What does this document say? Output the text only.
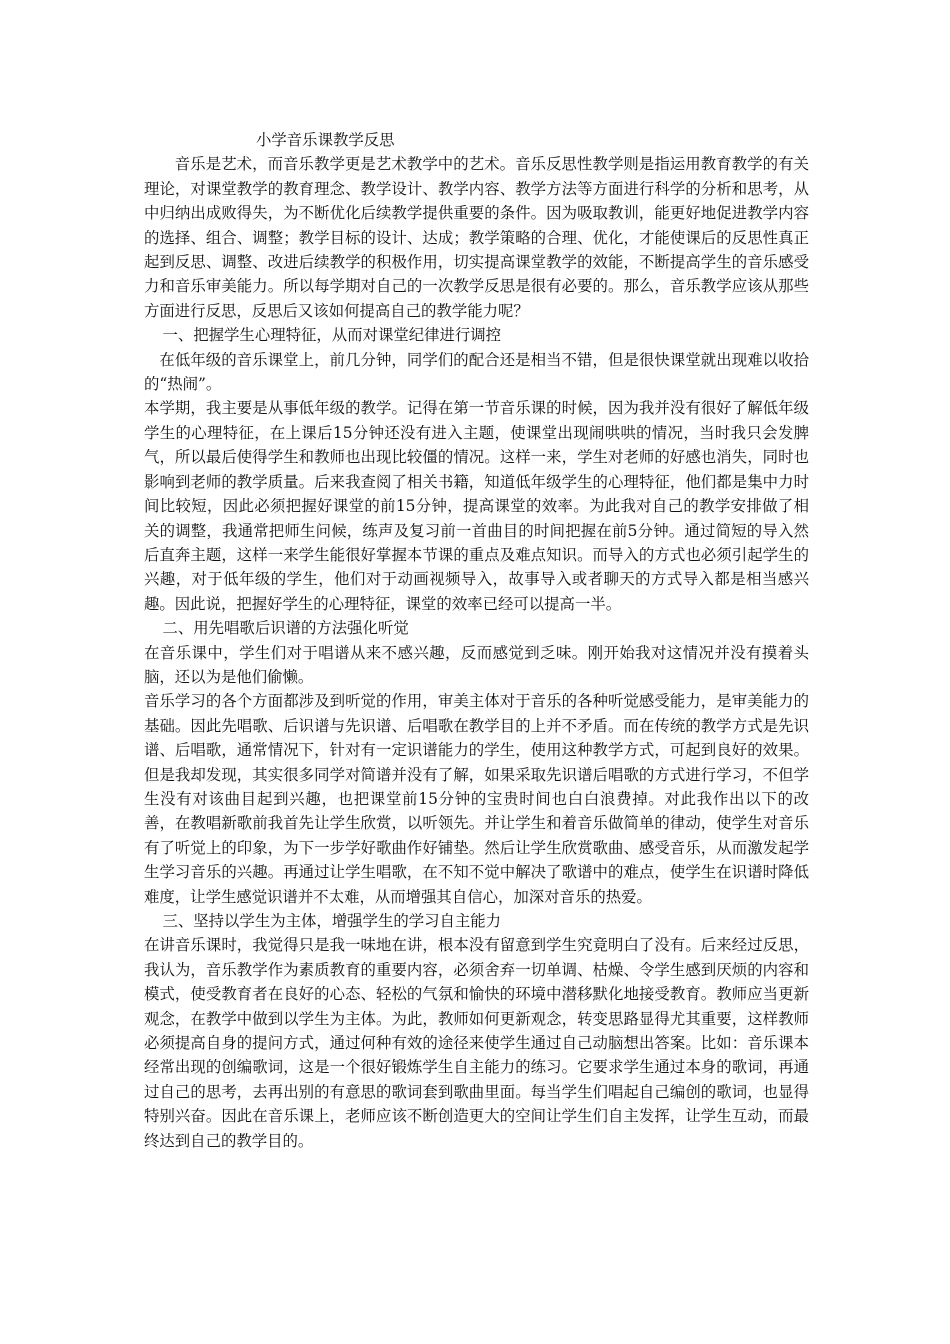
小学音乐课教学反思

音乐是艺术，而音乐教学更是艺术教学中的艺术。音乐反思性教学则是指运用教育教学的有关理论，对课堂教学的教育理念、教学设计、教学内容、教学方法等方面进行科学的分析和思考，从中归纳出成败得失，为不断优化后续教学提供重要的条件。因为吸取教训，能更好地促进教学内容的选择、组合、调整；教学目标的设计、达成；教学策略的合理、优化，才能使课后的反思性真正起到反思、调整、改进后续教学的积极作用，切实提高课堂教学的效能，不断提高学生的音乐感受力和音乐审美能力。所以每学期对自己的一次教学反思是很有必要的。那么，音乐教学应该从那些方面进行反思，反思后又该如何提高自己的教学能力呢？

一、把握学生心理特征，从而对课堂纪律进行调控

在低年级的音乐课堂上，前几分钟，同学们的配合还是相当不错，但是很快课堂就出现难以收拾的“热闹”。

本学期，我主要是从事低年级的教学。记得在第一节音乐课的时候，因为我并没有很好了解低年级学生的心理特征，在上课后15分钟还没有进入主题，使课堂出现闹哄哄的情况，当时我只会发脾气，所以最后使得学生和教师也出现比较僵的情况。这样一来，学生对老师的好感也消失，同时也影响到老师的教学质量。后来我查阅了相关书籍，知道低年级学生的心理特征，他们都是集中力时间比较短，因此必须把握好课堂的前15分钟，提高课堂的效率。为此我对自己的教学安排做了相关的调整，我通常把师生问候，练声及复习前一首曲目的时间把握在前5分钟。通过简短的导入然后直奔主题，这样一来学生能很好掌握本节课的重点及难点知识。而导入的方式也必须引起学生的兴趣，对于低年级的学生，他们对于动画视频导入，故事导入或者聊天的方式导入都是相当感兴趣。因此说，把握好学生的心理特征，课堂的效率已经可以提高一半。

二、用先唱歌后识谱的方法强化听觉

在音乐课中，学生们对于唱谱从来不感兴趣，反而感觉到乏味。刚开始我对这情况并没有摸着头脑，还以为是他们偷懒。

音乐学习的各个方面都涉及到听觉的作用，审美主体对于音乐的各种听觉感受能力，是审美能力的基础。因此先唱歌、后识谱与先识谱、后唱歌在教学目的上并不矛盾。而在传统的教学方式是先识谱、后唱歌，通常情况下，针对有一定识谱能力的学生，使用这种教学方式，可起到良好的效果。但是我却发现，其实很多同学对简谱并没有了解，如果采取先识谱后唱歌的方式进行学习，不但学生没有对该曲目起到兴趣，也把课堂前15分钟的宝贵时间也白白浪费掉。对此我作出以下的改善，在教唱新歌前我首先让学生欣赏，以听领先。并让学生和着音乐做简单的律动，使学生对音乐有了听觉上的印象，为下一步学好歌曲作好铺垫。然后让学生欣赏歌曲、感受音乐，从而激发起学生学习音乐的兴趣。再通过让学生唱歌，在不知不觉中解决了歌谱中的难点，使学生在识谱时降低难度，让学生感觉识谱并不太难，从而增强其自信心，加深对音乐的热爱。

三、坚持以学生为主体，增强学生的学习自主能力

在讲音乐课时，我觉得只是我一味地在讲，根本没有留意到学生究竟明白了没有。后来经过反思，我认为，音乐教学作为素质教育的重要内容，必须舍弃一切单调、枯燥、令学生感到厌烦的内容和模式，使受教育者在良好的心态、轻松的气氛和愉快的环境中潜移默化地接受教育。教师应当更新观念，在教学中做到以学生为主体。为此，教师如何更新观念，转变思路显得尤其重要，这样教师必须提高自身的提问方式，通过何种有效的途径来使学生通过自己动脑想出答案。比如：音乐课本经常出现的创编歌词，这是一个很好锻炼学生自主能力的练习。它要求学生通过本身的歌词，再通过自己的思考，去再出别的有意思的歌词套到歌曲里面。每当学生们唱起自己编创的歌词，也显得特别兴奋。因此在音乐课上，老师应该不断创造更大的空间让学生们自主发挥，让学生互动，而最终达到自己的教学目的。
